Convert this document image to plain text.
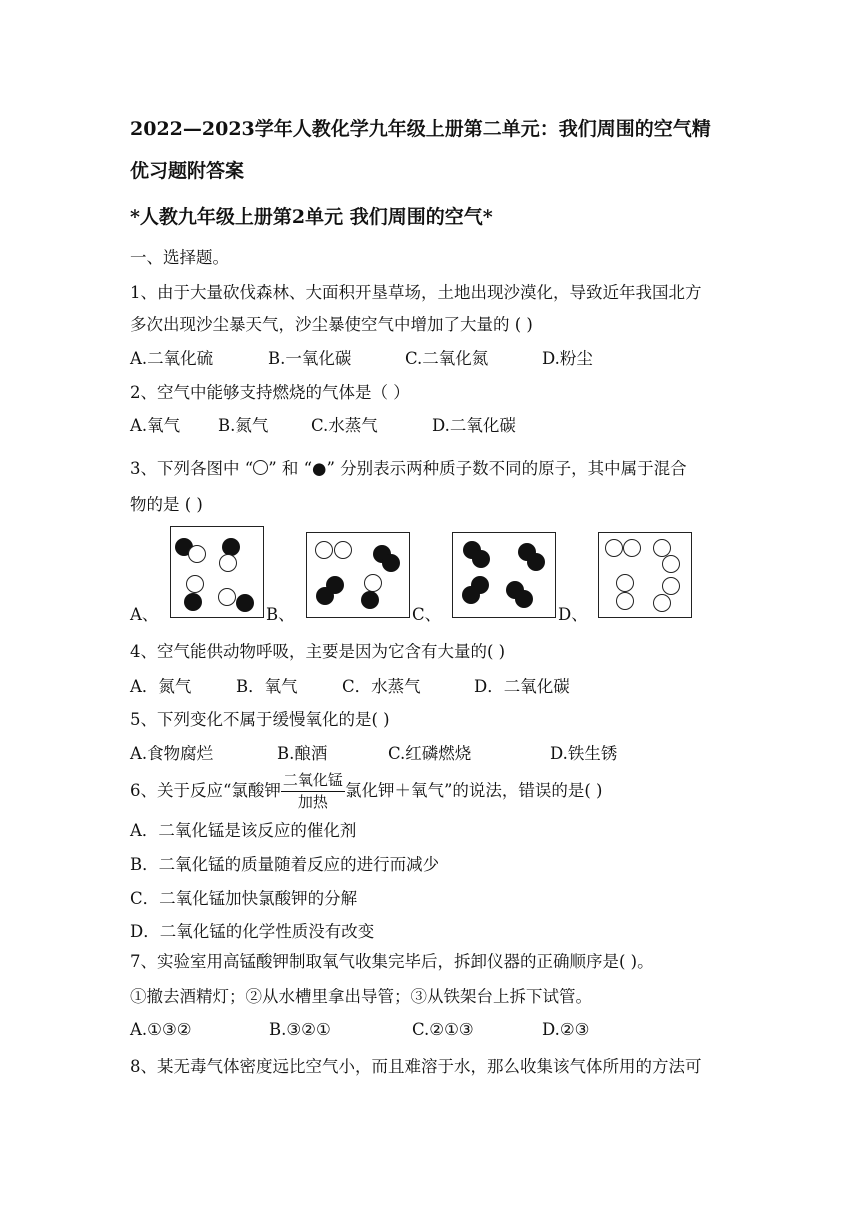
2022—2023学年人教化学九年级上册第二单元：我们周围的空气精
优习题附答案
*人教九年级上册第2单元 我们周围的空气*
一、选择题。
1、由于大量砍伐森林、大面积开垦草场，土地出现沙漠化，导致近年我国北方
多次出现沙尘暴天气，沙尘暴使空气中增加了大量的 ( )
A.二氧化硫	B.一氧化碳	C.二氧化氮	D.粉尘
2、空气中能够支持燃烧的气体是（ ）
A.氧气 B.氮气	C.水蒸气	D.二氧化碳
3、下列各图中 “ ” 和 “●” 分别表示两种质子数不同的原子，其中属于混合
物的是 ( )
A、	B、	C、	D、
4、空气能供动物呼吸，主要是因为它含有大量的( )
A．氮气	B．氧气	C．水蒸气	D．二氧化碳
5、下列变化不属于缓慢氧化的是( )
A.食物腐烂	B.酿酒	C.红磷燃烧	D.铁生锈
6、关于反应“氯酸钾
二氧化锰
加热
氯化钾＋氧气”的说法，错误的是( )
A．二氧化锰是该反应的催化剂
B．二氧化锰的质量随着反应的进行而减少
C．二氧化锰加快氯酸钾的分解
D．二氧化锰的化学性质没有改变
7、实验室用高锰酸钾制取氧气收集完毕后，拆卸仪器的正确顺序是( )。
①撤去酒精灯；②从水槽里拿出导管；③从铁架台上拆下试管。
A.①③②	B.③②①	C.②①③	D.②③
8、某无毒气体密度远比空气小，而且难溶于水，那么收集该气体所用的方法可
